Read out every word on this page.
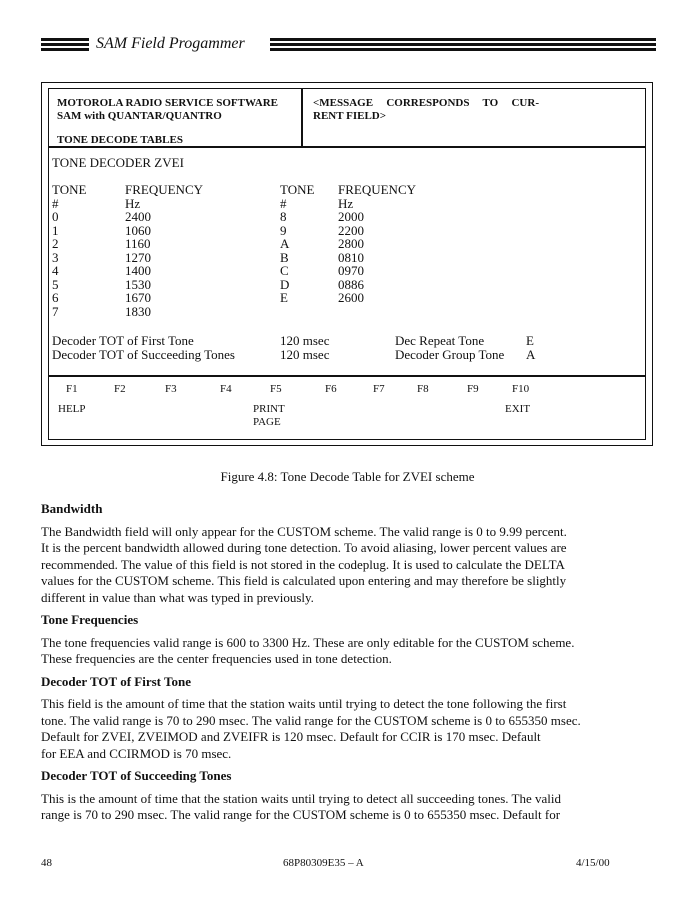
SAM Field Progammer
MOTOROLA RADIO SERVICE SOFTWARE
SAM with QUANTAR/QUANTRO
TONE DECODE TABLES
<MESSAGE CORRESPONDS TO CUR-
RENT FIELD>
TONE DECODER ZVEI
TONE	FREQUENCY
#	Hz
0	2400
1	1060
2	1160
3	1270
4	1400
5	1530
6	1670
7	1830
TONE FREQUENCY
#	Hz
8	2000
9	2200
A	2800
B	0810
C	0970
D	0886
E	2600
Decoder TOT of First Tone	120 msec	Dec Repeat Tone	E
Decoder TOT of Succeeding Tones	120 msec	Decoder Group Tone A
F1	F2	F3	F4	F5	F6	F7	F8	F9	F10
HELP	PRINT
PAGE
EXIT
Figure 4.8: Tone Decode Table for ZVEI scheme
Bandwidth
The Bandwidth field will only appear for the CUSTOM scheme. The valid range is 0 to 9.99 percent.
It is the percent bandwidth allowed during tone detection. To avoid aliasing, lower percent values are
recommended. The value of this field is not stored in the codeplug. It is used to calculate the DELTA
values for the CUSTOM scheme. This field is calculated upon entering and may therefore be slightly
different in value than what was typed in previously.
Tone Frequencies
The tone frequencies valid range is 600 to 3300 Hz. These are only editable for the CUSTOM scheme.
These frequencies are the center frequencies used in tone detection.
Decoder TOT of First Tone
This field is the amount of time that the station waits until trying to detect the tone following the first
tone. The valid range is 70 to 290 msec. The valid range for the CUSTOM scheme is 0 to 655350 msec.
Default for ZVEI, ZVEIMOD and ZVEIFR is 120 msec. Default for CCIR is 170 msec. Default
for EEA and CCIRMOD is 70 msec.
Decoder TOT of Succeeding Tones
This is the amount of time that the station waits until trying to detect all succeeding tones. The valid
range is 70 to 290 msec. The valid range for the CUSTOM scheme is 0 to 655350 msec. Default for
48	68P80309E35 – A	4/15/00
